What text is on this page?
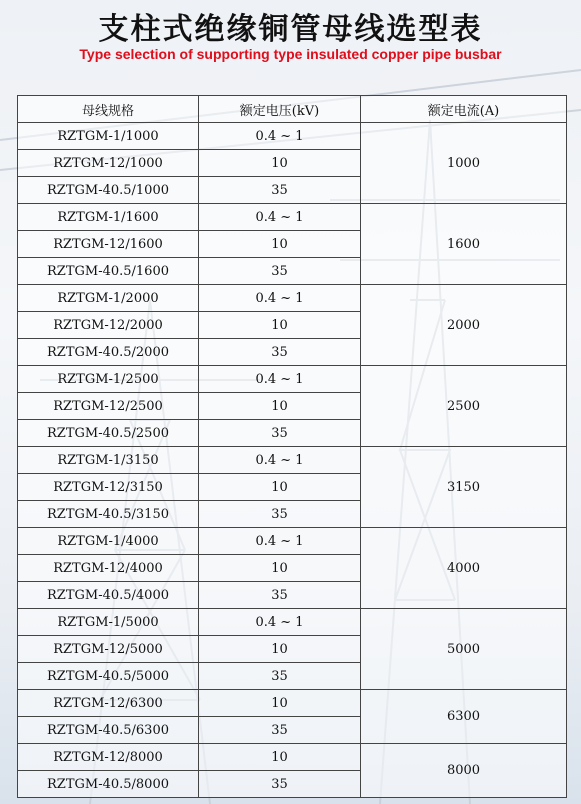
支柱式绝缘铜管母线选型表
Type selection of supporting type insulated copper pipe busbar
母线规格	额定电压(kV)	额定电流(A)
RZTGM-1/1000	0.4 ~ 1	1000
RZTGM-12/1000	10	
RZTGM-40.5/1000	35	
RZTGM-1/1600	0.4 ~ 1	1600
RZTGM-12/1600	10	
RZTGM-40.5/1600	35	
RZTGM-1/2000	0.4 ~ 1	2000
RZTGM-12/2000	10	
RZTGM-40.5/2000	35	
RZTGM-1/2500	0.4 ~ 1	2500
RZTGM-12/2500	10	
RZTGM-40.5/2500	35	
RZTGM-1/3150	0.4 ~ 1	3150
RZTGM-12/3150	10	
RZTGM-40.5/3150	35	
RZTGM-1/4000	0.4 ~ 1	4000
RZTGM-12/4000	10	
RZTGM-40.5/4000	35	
RZTGM-1/5000	0.4 ~ 1	5000
RZTGM-12/5000	10	
RZTGM-40.5/5000	35	
RZTGM-12/6300	10	6300
RZTGM-40.5/6300	35	
RZTGM-12/8000	10	8000
RZTGM-40.5/8000	35	
